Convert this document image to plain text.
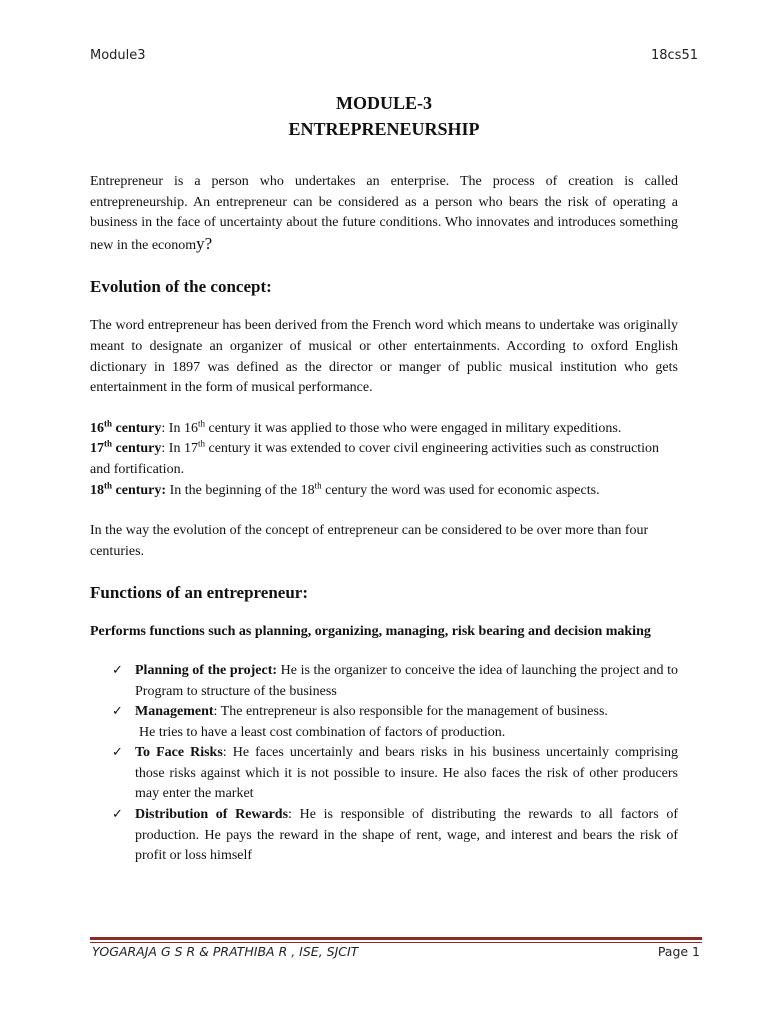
Module3	18cs51
MODULE-3
ENTREPRENEURSHIP

Entrepreneur is a person who undertakes an enterprise. The process of creation is called entrepreneurship. An entrepreneur can be considered as a person who bears the risk of operating a business in the face of uncertainty about the future conditions. Who innovates and introduces something new in the economy?

Evolution of the concept:

The word entrepreneur has been derived from the French word which means to undertake was originally meant to designate an organizer of musical or other entertainments. According to oxford English dictionary in 1897 was defined as the director or manger of public musical institution who gets entertainment in the form of musical performance.

16th century: In 16th century it was applied to those who were engaged in military expeditions.

17th century: In 17th century it was extended to cover civil engineering activities such as construction and fortification.

18th century: In the beginning of the 18th century the word was used for economic aspects.

In the way the evolution of the concept of entrepreneur can be considered to be over more than four centuries.

Functions of an entrepreneur:

Performs functions such as planning, organizing, managing, risk bearing and decision making

✓ Planning of the project: He is the organizer to conceive the idea of launching the project and to Program to structure of the business
✓ Management: The entrepreneur is also responsible for the management of business.
He tries to have a least cost combination of factors of production.
✓ To Face Risks: He faces uncertainly and bears risks in his business uncertainly comprising those risks against which it is not possible to insure. He also faces the risk of other producers may enter the market
✓ Distribution of Rewards: He is responsible of distributing the rewards to all factors of production. He pays the reward in the shape of rent, wage, and interest and bears the risk of profit or loss himself
YOGARAJA G S R & PRATHIBA R , ISE, SJCIT	Page 1
